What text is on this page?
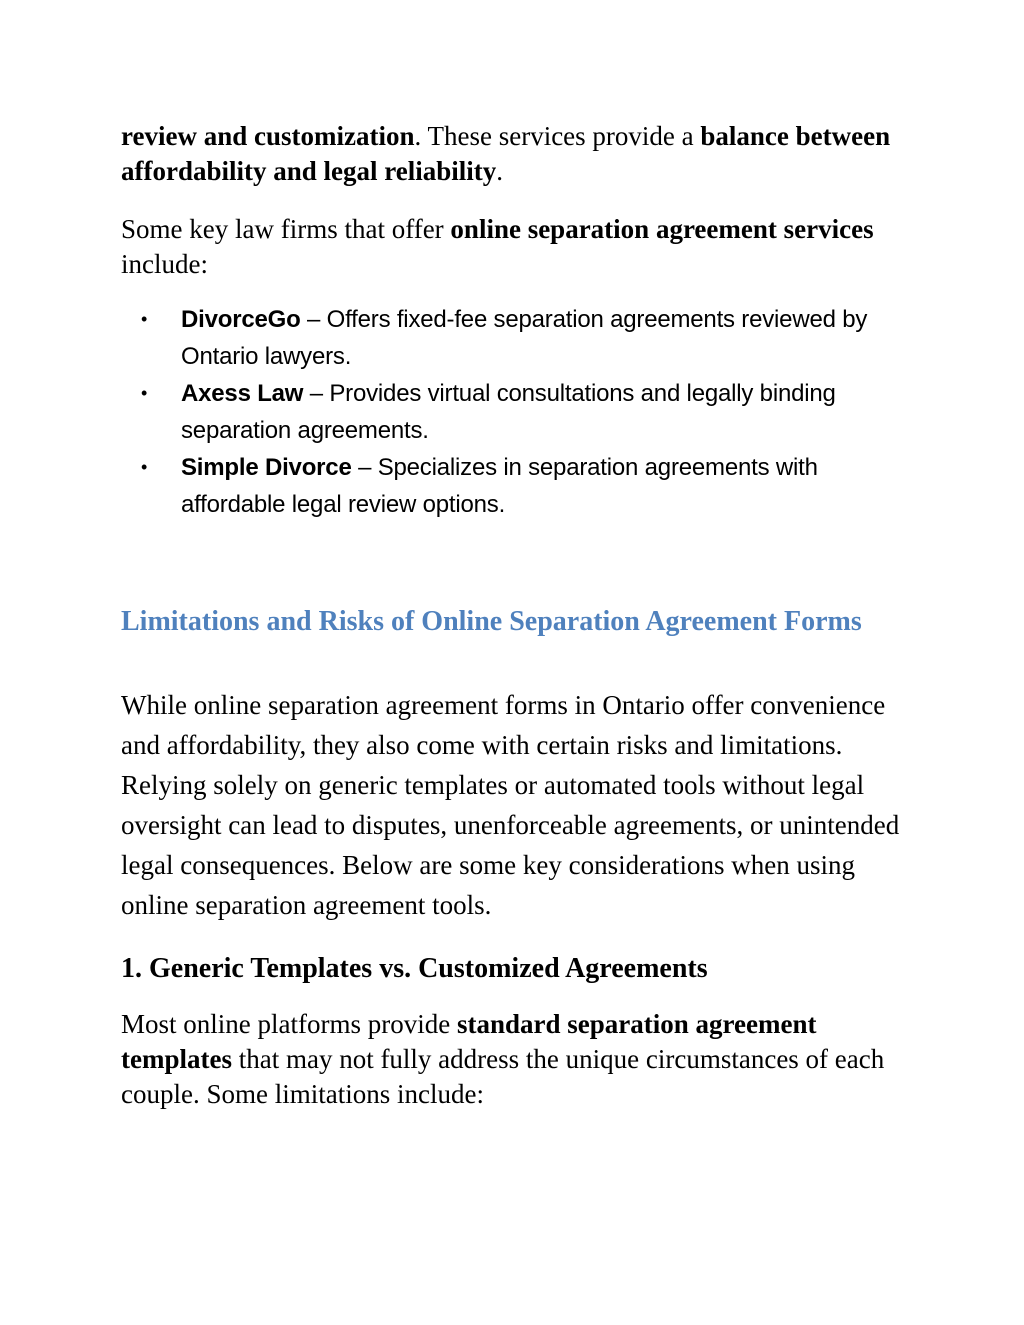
review and customization. These services provide a balance between affordability and legal reliability.

Some key law firms that offer online separation agreement services include:

• DivorceGo – Offers fixed-fee separation agreements reviewed by Ontario lawyers.
• Axess Law – Provides virtual consultations and legally binding separation agreements.
• Simple Divorce – Specializes in separation agreements with affordable legal review options.
Limitations and Risks of Online Separation Agreement Forms

While online separation agreement forms in Ontario offer convenience and affordability, they also come with certain risks and limitations. Relying solely on generic templates or automated tools without legal oversight can lead to disputes, unenforceable agreements, or unintended legal consequences. Below are some key considerations when using online separation agreement tools.

1. Generic Templates vs. Customized Agreements

Most online platforms provide standard separation agreement templates that may not fully address the unique circumstances of each couple. Some limitations include:
